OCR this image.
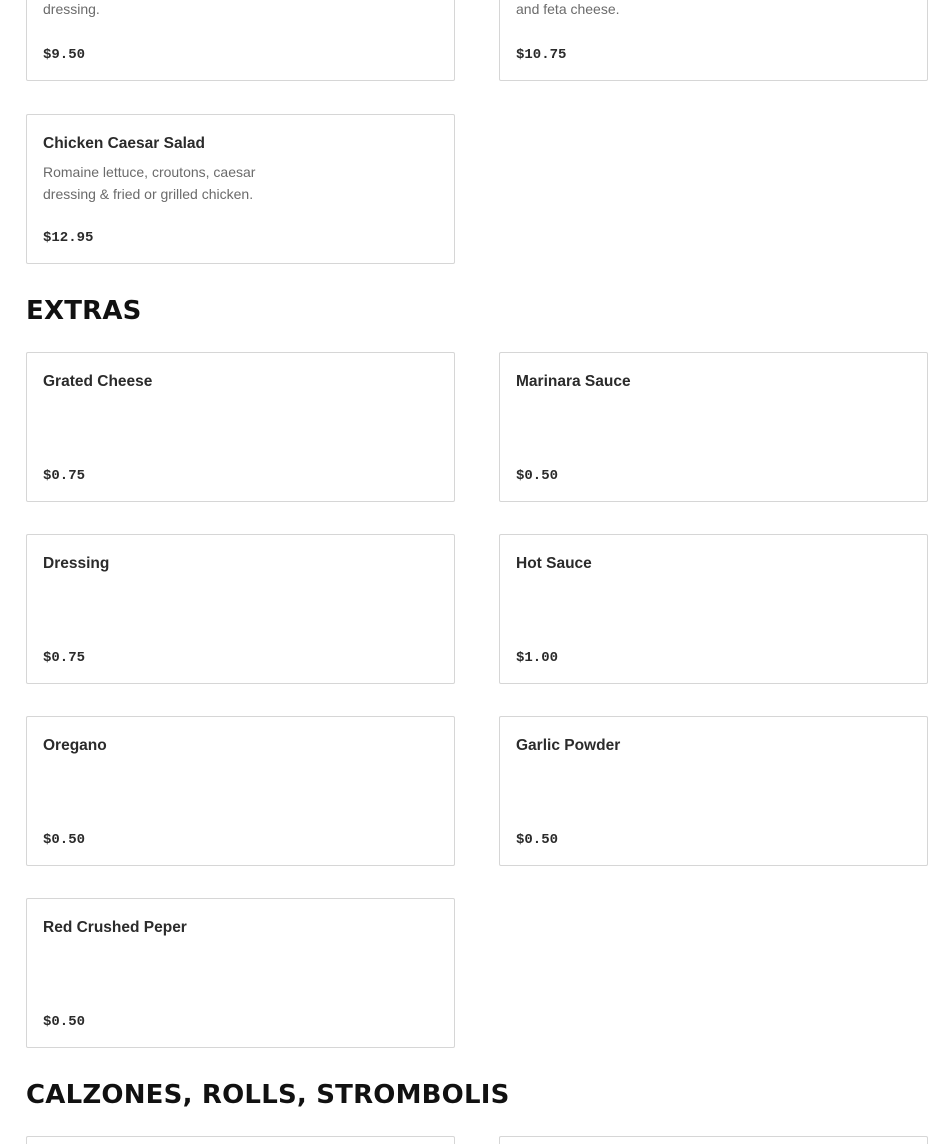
dressing.
$9.50
and feta cheese.
$10.75
Chicken Caesar Salad
Romaine lettuce, croutons, caesar dressing & fried or grilled chicken.
$12.95
EXTRAS
Grated Cheese
$0.75
Marinara Sauce
$0.50
Dressing
$0.75
Hot Sauce
$1.00
Oregano
$0.50
Garlic Powder
$0.50
Red Crushed Peper
$0.50
CALZONES, ROLLS, STROMBOLIS
